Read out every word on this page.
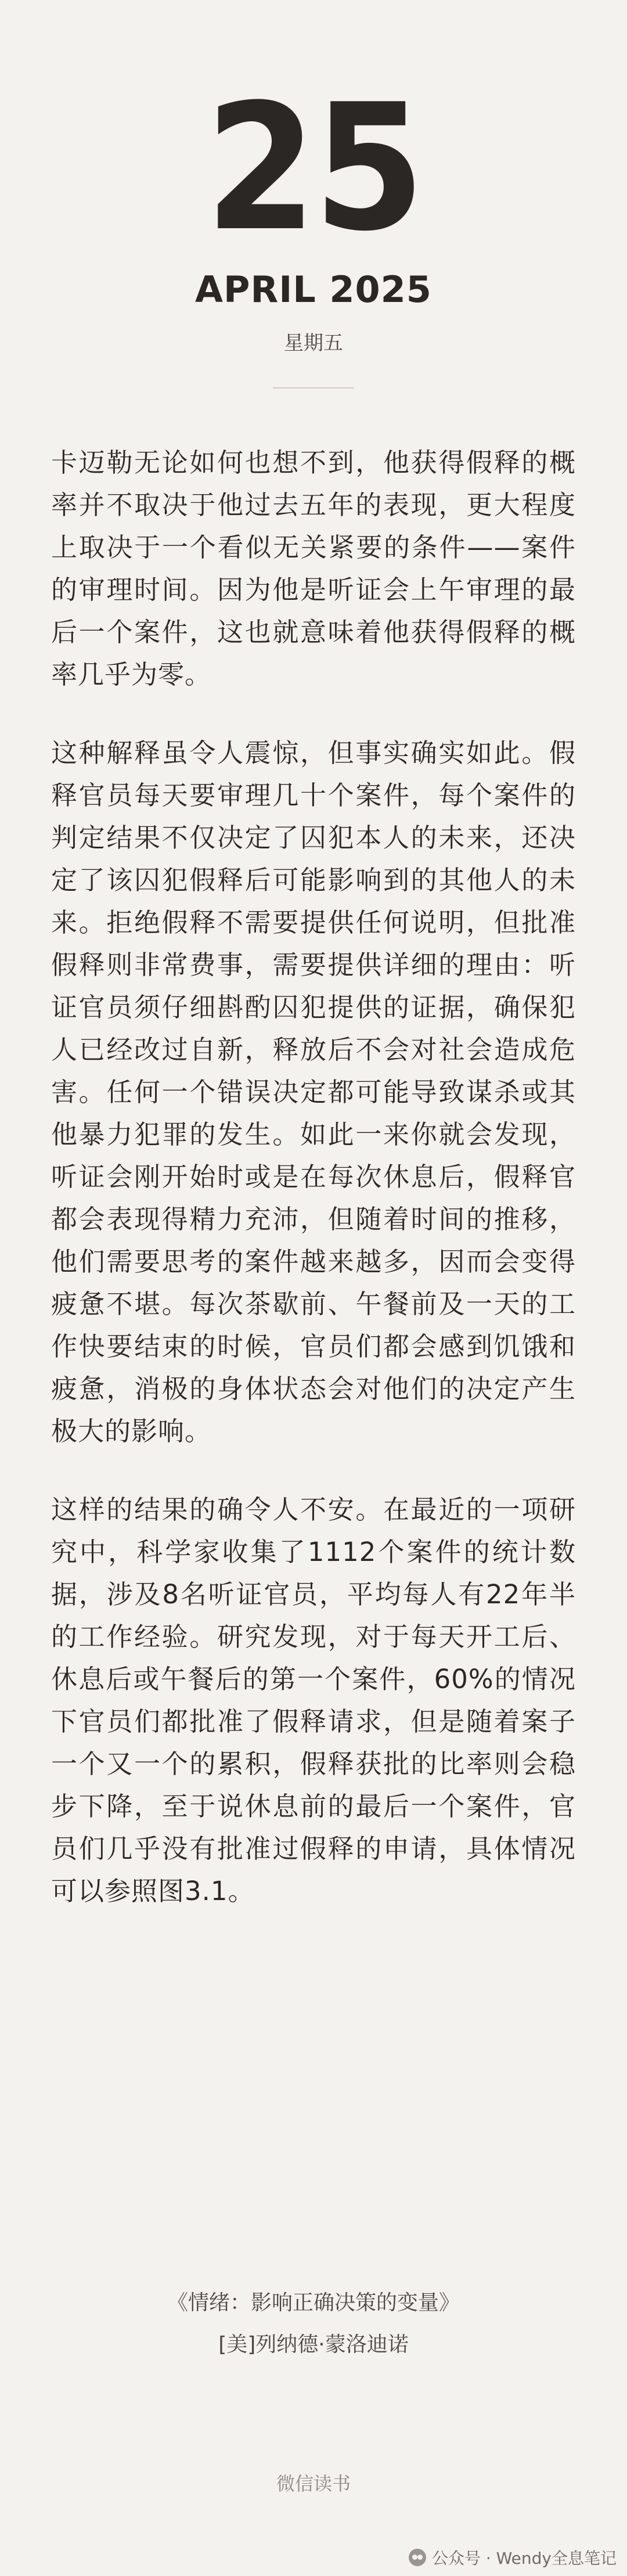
25
APRIL 2025
星期五

卡迈勒无论如何也想不到，他获得假释的概率并不取决于他过去五年的表现，更大程度上取决于一个看似无关紧要的条件——案件的审理时间。因为他是听证会上午审理的最后一个案件，这也就意味着他获得假释的概率几乎为零。

这种解释虽令人震惊，但事实确实如此。假释官员每天要审理几十个案件，每个案件的判定结果不仅决定了囚犯本人的未来，还决定了该囚犯假释后可能影响到的其他人的未来。拒绝假释不需要提供任何说明，但批准假释则非常费事，需要提供详细的理由：听证官员须仔细斟酌囚犯提供的证据，确保犯人已经改过自新，释放后不会对社会造成危害。任何一个错误决定都可能导致谋杀或其他暴力犯罪的发生。如此一来你就会发现，听证会刚开始时或是在每次休息后，假释官都会表现得精力充沛，但随着时间的推移，他们需要思考的案件越来越多，因而会变得疲惫不堪。每次茶歇前、午餐前及一天的工作快要结束的时候，官员们都会感到饥饿和疲惫，消极的身体状态会对他们的决定产生极大的影响。

这样的结果的确令人不安。在最近的一项研究中，科学家收集了1112个案件的统计数据，涉及8名听证官员，平均每人有22年半的工作经验。研究发现，对于每天开工后、休息后或午餐后的第一个案件，60%的情况下官员们都批准了假释请求，但是随着案子一个又一个的累积，假释获批的比率则会稳步下降，至于说休息前的最后一个案件，官员们几乎没有批准过假释的申请，具体情况可以参照图3.1。

《情绪：影响正确决策的变量》
[美]列纳德·蒙洛迪诺
微信读书
公众号 · Wendy全息笔记
